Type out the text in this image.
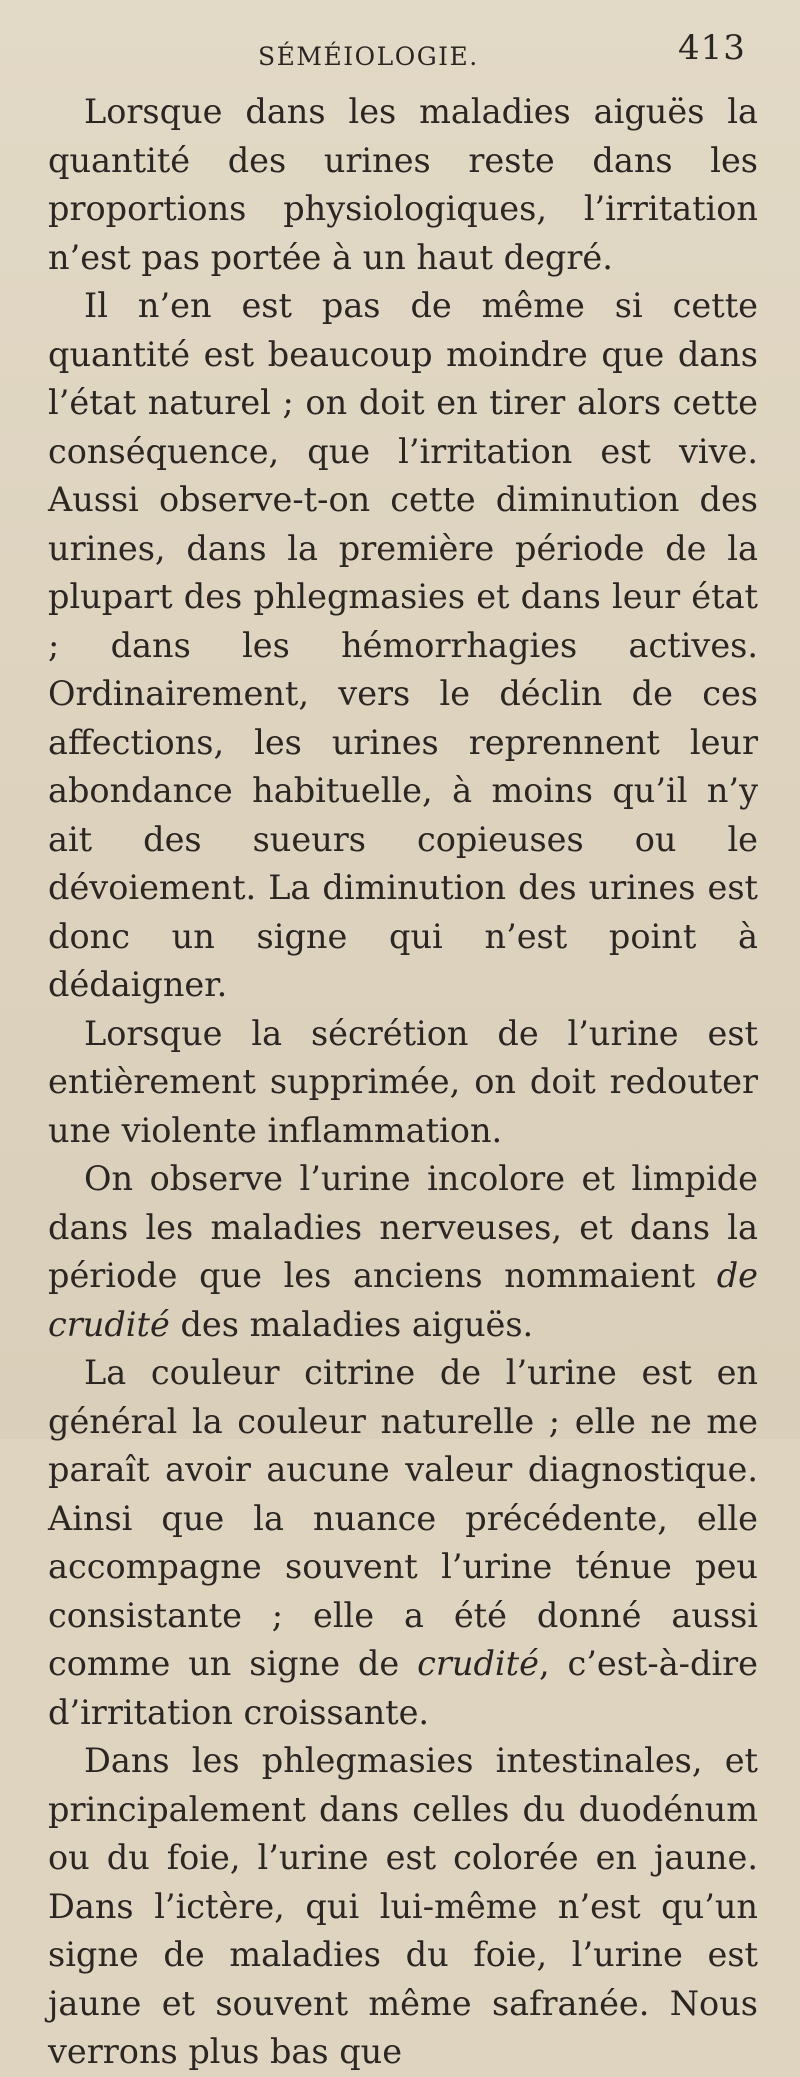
SÉMÉIOLOGIE.	413

Lorsque dans les maladies aiguës la quantité des urines reste dans les proportions physiologiques, l’irritation n’est pas portée à un haut degré.

Il n’en est pas de même si cette quantité est beaucoup moindre que dans l’état naturel ; on doit en tirer alors cette conséquence, que l’irritation est vive. Aussi observe-t-on cette diminution des urines, dans la première période de la plupart des phlegmasies et dans leur état ; dans les hémorrhagies actives. Ordinairement, vers le déclin de ces affections, les urines reprennent leur abondance habituelle, à moins qu’il n’y ait des sueurs copieuses ou le dévoiement. La diminution des urines est donc un signe qui n’est point à dédaigner.

Lorsque la sécrétion de l’urine est entièrement supprimée, on doit redouter une violente inflammation.

On observe l’urine incolore et limpide dans les maladies nerveuses, et dans la période que les anciens nommaient de crudité des maladies aiguës.

La couleur citrine de l’urine est en général la couleur naturelle ; elle ne me paraît avoir aucune valeur diagnostique. Ainsi que la nuance précédente, elle accompagne souvent l’urine ténue peu consistante ; elle a été donné aussi comme un signe de crudité, c’est-à-dire d’irritation croissante.

Dans les phlegmasies intestinales, et principalement dans celles du duodénum ou du foie, l’urine est colorée en jaune. Dans l’ictère, qui lui-même n’est qu’un signe de maladies du foie, l’urine est jaune et souvent même safranée. Nous verrons plus bas que
